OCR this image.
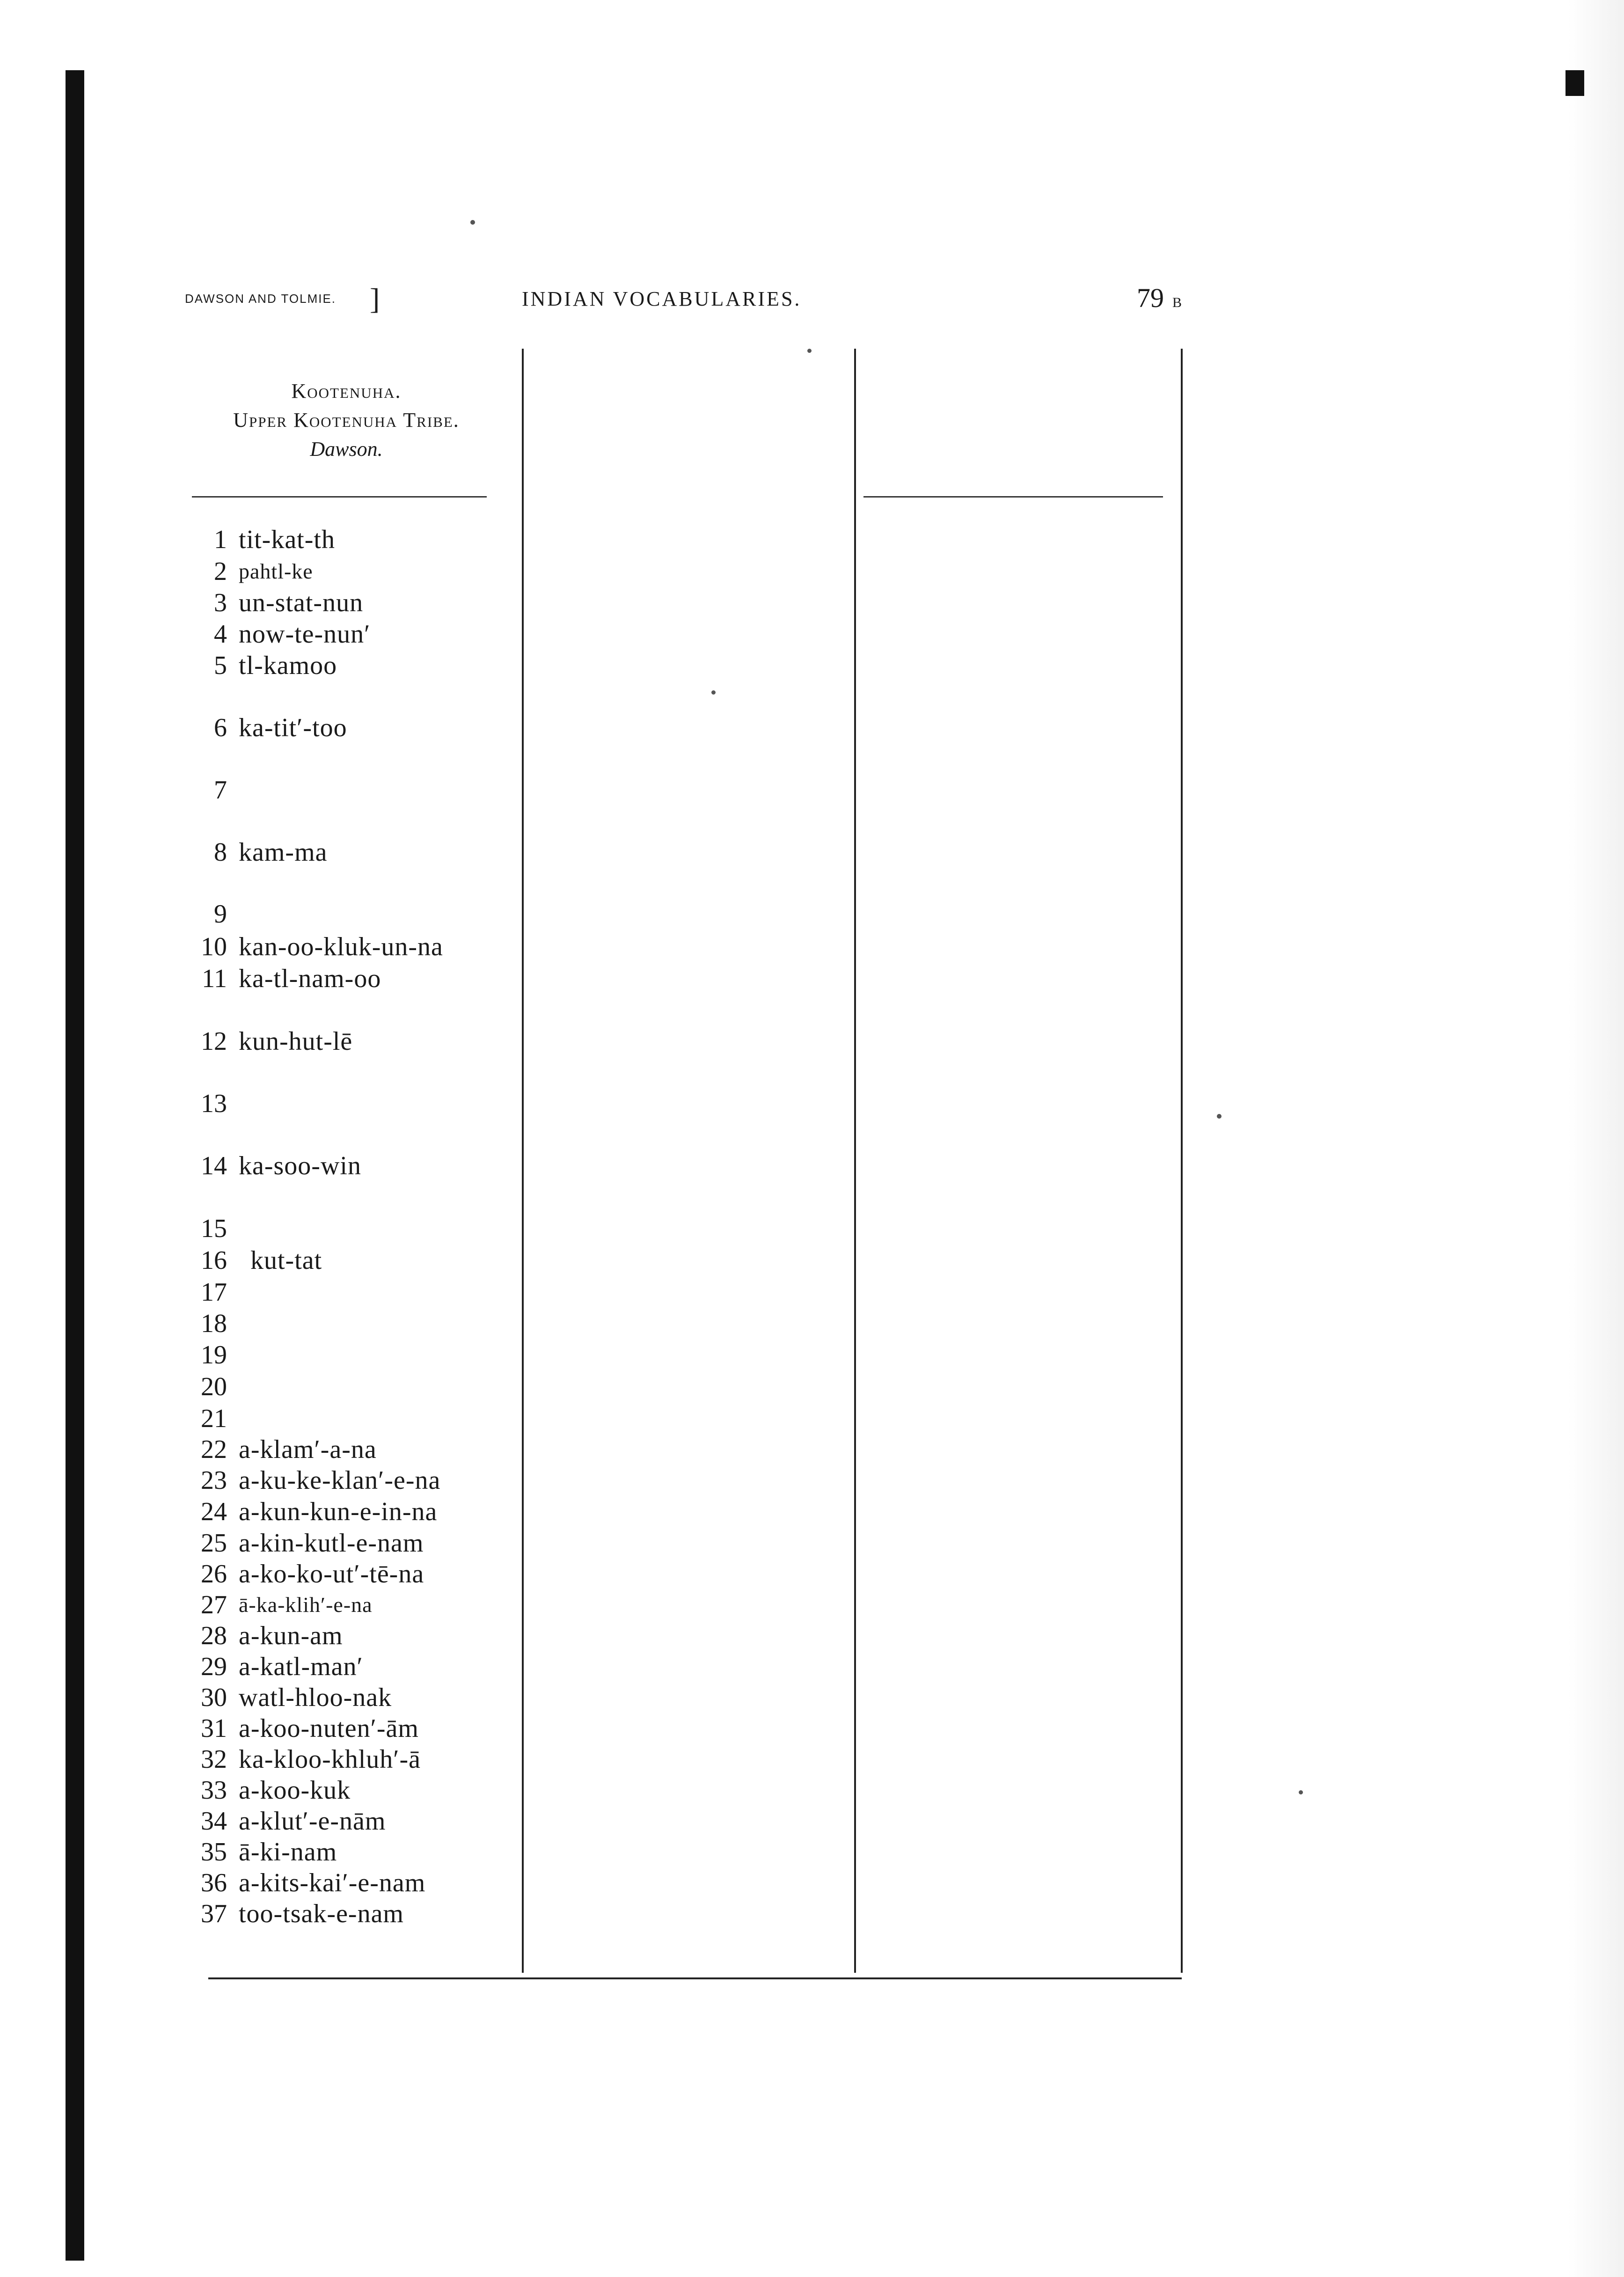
DAWSON AND TOLMIE. ]	INDIAN VOCABULARIES.	79 B
Kootenuha.
Upper Kootenuha Tribe.
Dawson.
1 tit-kat-th
2 pahtl-ke
3 un-stat-nun
4 now-te-nun′
5 tl-kamoo
6 ka-tit′-too
7
8 kam-ma
9
10 kan-oo-kluk-un-na
11 ka-tl-nam-oo
12 kun-hut-lē
13
14 ka-soo-win
15
16 kut-tat
17
18
19
20
21
22 a-klam′-a-na
23 a-ku-ke-klan′-e-na
24 a-kun-kun-e-in-na
25 a-kin-kutl-e-nam
26 a-ko-ko-ut′-tē-na
27 ā-ka-klih′-e-na
28 a-kun-am
29 a-katl-man′
30 watl-hloo-nak
31 a-koo-nuten′-ām
32 ka-kloo-khluh′-ā
33 a-koo-kuk
34 a-klut′-e-nām
35 ā-ki-nam
36 a-kits-kai′-e-nam
37 too-tsak-e-nam
